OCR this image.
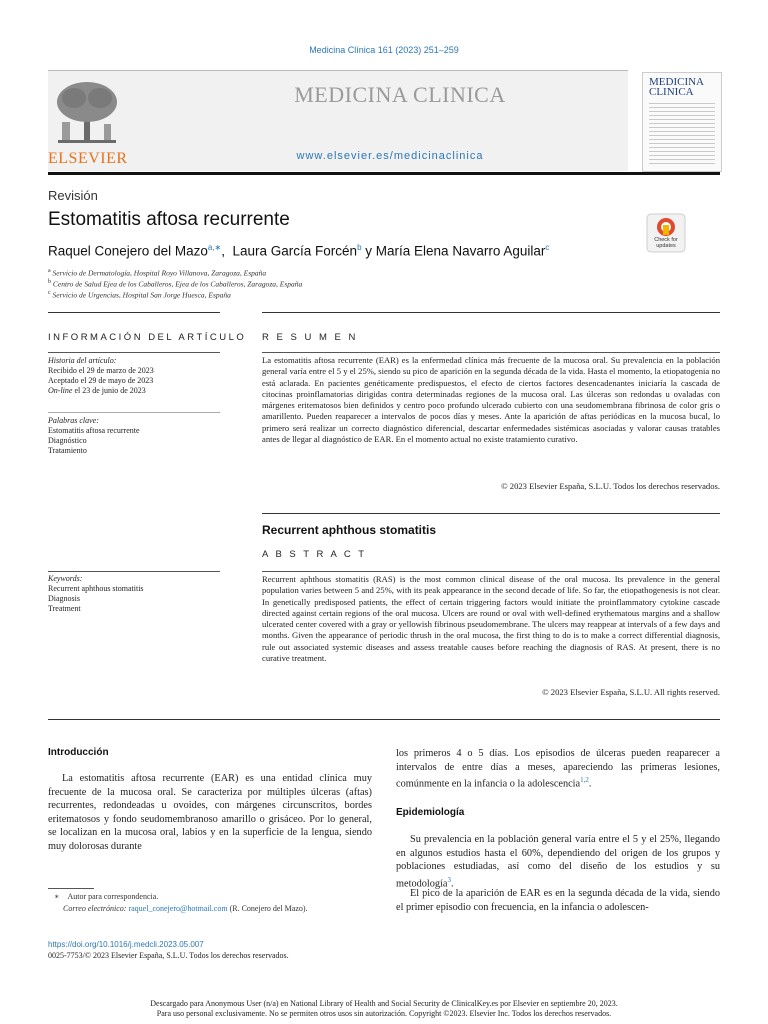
Medicina Clínica 161 (2023) 251–259
ELSEVIER
MEDICINA CLINICA
www.elsevier.es/medicinaclinica
MEDICINA
CLINICA
Revisión
Estomatitis aftosa recurrente
Check for updates
Raquel Conejero del Mazo$^{a,∗}$,  Laura García Forcén$^b$ y María Elena Navarro Aguilar$^c$
$^a$ Servicio de Dermatología, Hospital Royo Villanova, Zaragoza, España
$^b$ Centro de Salud Ejea de los Caballeros, Ejea de los Caballeros, Zaragoza, España
$^c$ Servicio de Urgencias, Hospital San Jorge Huesca, España
INFORMACIÓN DEL ARTÍCULO
Historia del artículo:
Recibido el 29 de marzo de 2023
Aceptado el 29 de mayo de 2023
On-line el 23 de junio de 2023
Palabras clave:
Estomatitis aftosa recurrente
Diagnóstico
Tratamiento
R E S U M E N
La estomatitis aftosa recurrente (EAR) es la enfermedad clínica más frecuente de la mucosa oral. Su prevalencia en la población general varía entre el 5 y el 25%, siendo su pico de aparición en la segunda década de la vida. Hasta el momento, la etiopatogenia no está aclarada. En pacientes genéticamente predispuestos, el efecto de ciertos factores desencadenantes iniciaría la cascada de citocinas proinflamatorias dirigidas contra determinadas regiones de la mucosa oral. Las úlceras son redondas u ovaladas con márgenes eritematosos bien definidos y centro poco profundo ulcerado cubierto con una seudomembrana fibrinosa de color gris o amarillento. Pueden reaparecer a intervalos de pocos días y meses. Ante la aparición de aftas periódicas en la mucosa bucal, lo primero será realizar un correcto diagnóstico diferencial, descartar enfermedades sistémicas asociadas y valorar causas tratables antes de llegar al diagnóstico de EAR. En el momento actual no existe tratamiento curativo.
© 2023 Elsevier España, S.L.U. Todos los derechos reservados.
Recurrent aphthous stomatitis
A B S T R A C T
Keywords:
Recurrent aphthous stomatitis
Diagnosis
Treatment
Recurrent aphthous stomatitis (RAS) is the most common clinical disease of the oral mucosa. Its prevalence in the general population varies between 5 and 25%, with its peak appearance in the second decade of life. So far, the etiopathogenesis is not clear. In genetically predisposed patients, the effect of certain triggering factors would initiate the proinflammatory cytokine cascade directed against certain regions of the oral mucosa. Ulcers are round or oval with well-defined erythematous margins and a shallow ulcerated center covered with a gray or yellowish fibrinous pseudomembrane. The ulcers may reappear at intervals of a few days and months. Given the appearance of periodic thrush in the oral mucosa, the first thing to do is to make a correct differential diagnosis, rule out associated systemic diseases and assess treatable causes before reaching the diagnosis of RAS. At present, there is no curative treatment.
© 2023 Elsevier España, S.L.U. All rights reserved.
Introducción
La estomatitis aftosa recurrente (EAR) es una entidad clínica muy frecuente de la mucosa oral. Se caracteriza por múltiples úlceras (aftas) recurrentes, redondeadas u ovoides, con márgenes circunscritos, bordes eritematosos y fondo seudomembranoso amarillo o grisáceo. Por lo general, se localizan en la mucosa oral, labios y en la superficie de la lengua, siendo muy dolorosas durante
∗ Autor para correspondencia.
Correo electrónico: raquel_conejero@hotmail.com (R. Conejero del Mazo).
los primeros 4 o 5 días. Los episodios de úlceras pueden reaparecer a intervalos de entre días a meses, apareciendo las primeras lesiones, comúnmente en la infancia o la adolescencia$^{1,2}$.
Epidemiología
Su prevalencia en la población general varía entre el 5 y el 25%, llegando en algunos estudios hasta el 60%, dependiendo del origen de los grupos y poblaciones estudiadas, así como del diseño de los estudios y su metodología$^3$.
El pico de la aparición de EAR es en la segunda década de la vida, siendo el primer episodio con frecuencia, en la infancia o adolescen-
https://doi.org/10.1016/j.medcli.2023.05.007
0025-7753/© 2023 Elsevier España, S.L.U. Todos los derechos reservados.
Descargado para Anonymous User (n/a) en National Library of Health and Social Security de ClinicalKey.es por Elsevier en septiembre 20, 2023.
Para uso personal exclusivamente. No se permiten otros usos sin autorización. Copyright ©2023. Elsevier Inc. Todos los derechos reservados.
